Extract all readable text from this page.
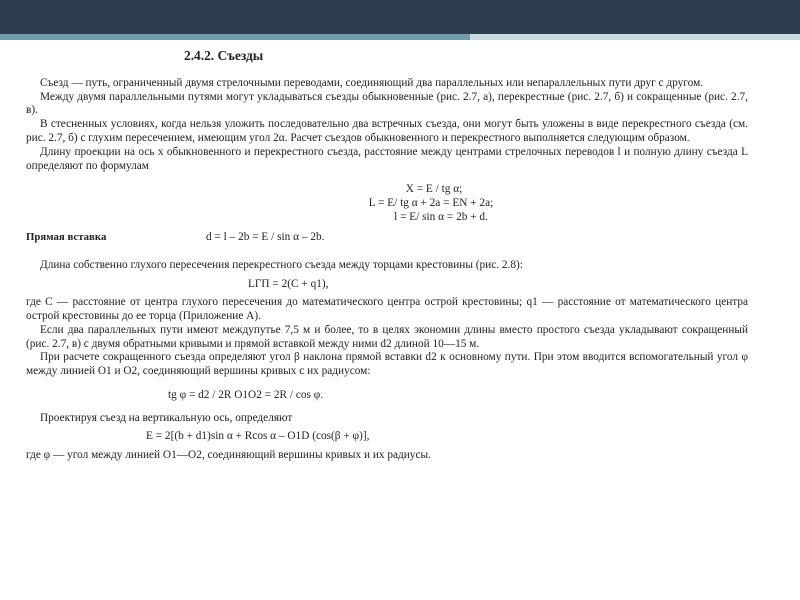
2.4.2. Съезды

Съезд — путь, ограниченный двумя стрелочными переводами, соединяющий два параллельных или непараллельных пути друг с другом.

Между двумя параллельными путями могут укладываться съезды обыкновенные (рис. 2.7, а), перекрестные (рис. 2.7, б) и сокращенные (рис. 2.7, в).

В стесненных условиях, когда нельзя уложить последовательно два встречных съезда, они могут быть уложены в виде перекрестного съезда (см. рис. 2.7, б) с глухим пересечением, имеющим угол 2α. Расчет съездов обыкновенного и перекрестного выполняется следующим образом.

Длину проекции на ось x обыкновенного и перекрестного съезда, расстояние между центрами стрелочных переводов l и полную длину съезда L определяют по формулам

X = E / tg α;

L = E/ tg α + 2a = EN + 2a;

l = E/ sin α = 2b + d.

Прямая вставка	d = l – 2b = E / sin α – 2b.

Длина собственно глухого пересечения перекрестного съезда между торцами крестовины (рис. 2.8):

LГП = 2(C + q1),

где C — расстояние от центра глухого пересечения до математического центра острой крестовины; q1 — расстояние от математического центра острой крестовины до ее торца (Приложение А).

Если два параллельных пути имеют междупутье 7,5 м и более, то в целях экономии длины вместо простого съезда укладывают сокращенный (рис. 2.7, в) с двумя обратными кривыми и прямой вставкой между ними d2 длиной 10—15 м.

При расчете сокращенного съезда определяют угол β наклона прямой вставки d2 к основному пути. При этом вводится вспомогательный угол φ между линией O1 и O2, соединяющий вершины кривых с их радиусом:

tg φ = d2 / 2R O1O2 = 2R / cos φ.

Проектируя съезд на вертикальную ось, определяют

E = 2[(b + d1)sin α + Rcos α – O1D (cos(β + φ)],

где φ — угол между линией O1—O2, соединяющий вершины кривых и их радиусы.
